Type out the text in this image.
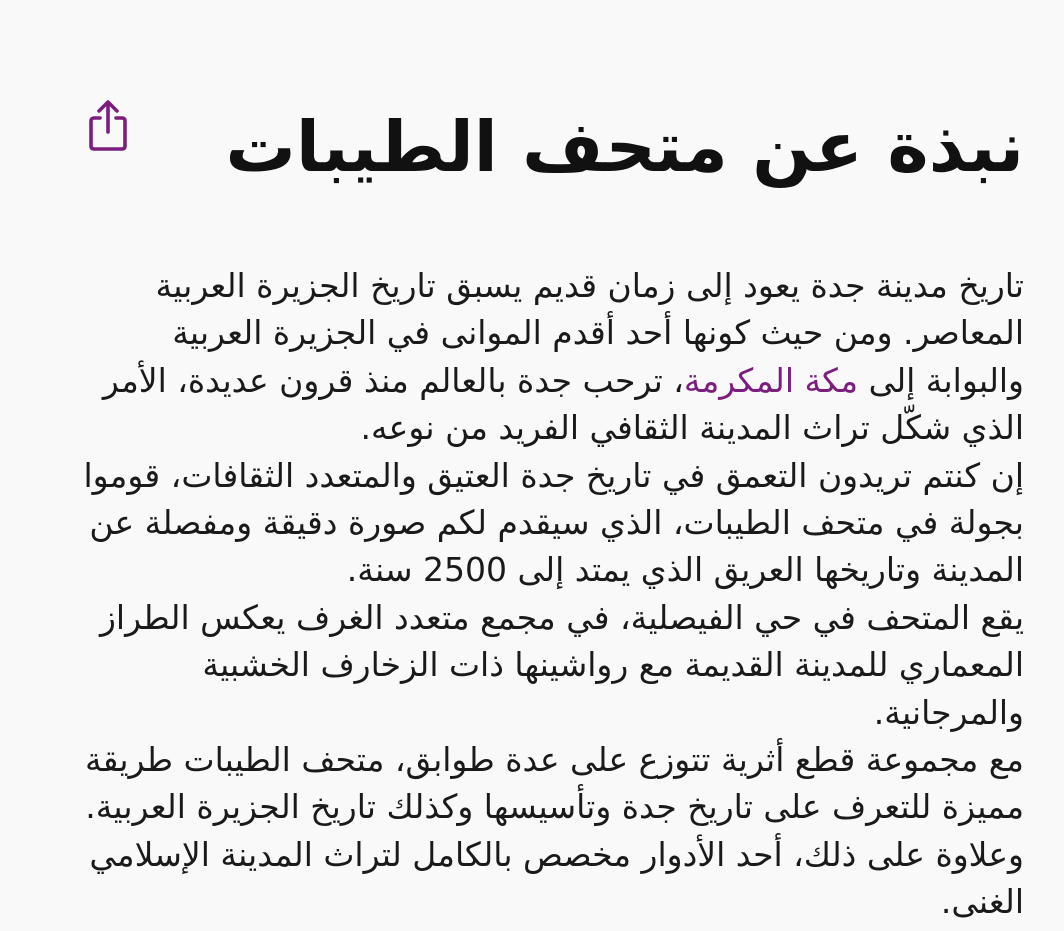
نبذة عن متحف الطيبات

تاريخ مدينة جدة يعود إلى زمان قديم يسبق تاريخ الجزيرة العربية المعاصر. ومن حيث كونها أحد أقدم الموانى في الجزيرة العربية والبوابة إلى مكة المكرمة، ترحب جدة بالعالم منذ قرون عديدة، الأمر الذي شكّل تراث المدينة الثقافي الفريد من نوعه.

إن كنتم تريدون التعمق في تاريخ جدة العتيق والمتعدد الثقافات، قوموا بجولة في متحف الطيبات، الذي سيقدم لكم صورة دقيقة ومفصلة عن المدينة وتاريخها العريق الذي يمتد إلى 2500 سنة.

يقع المتحف في حي الفيصلية، في مجمع متعدد الغرف يعكس الطراز المعماري للمدينة القديمة مع رواشينها ذات الزخارف الخشبية والمرجانية.

مع مجموعة قطع أثرية تتوزع على عدة طوابق، متحف الطيبات طريقة مميزة للتعرف على تاريخ جدة وتأسيسها وكذلك تاريخ الجزيرة العربية. وعلاوة على ذلك، أحد الأدوار مخصص بالكامل لتراث المدينة الإسلامي الغنى.
